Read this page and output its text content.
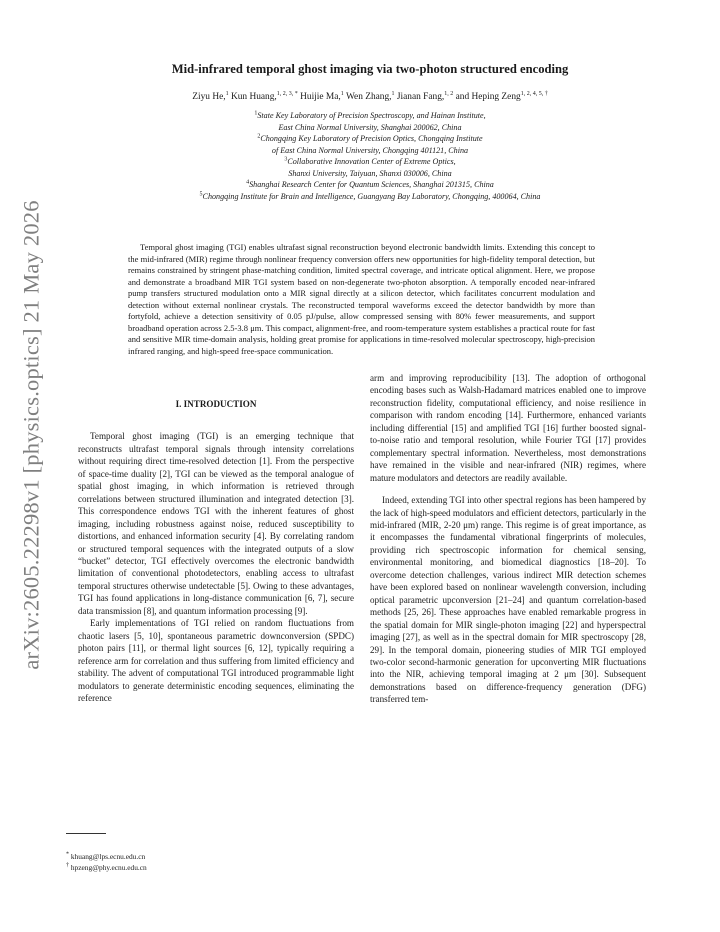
arXiv:2605.22298v1 [physics.optics] 21 May 2026
Mid-infrared temporal ghost imaging via two-photon structured encoding
Ziyu He,$^1$ Kun Huang,$^{1, 2, 3, *}$ Huijie Ma,$^1$ Wen Zhang,$^1$ Jianan Fang,$^{1, 2}$ and Heping Zeng$^{1, 2, 4, 5, \dagger}$
$^1$State Key Laboratory of Precision Spectroscopy, and Hainan Institute,
East China Normal University, Shanghai 200062, China
$^2$Chongqing Key Laboratory of Precision Optics, Chongqing Institute
of East China Normal University, Chongqing 401121, China
$^3$Collaborative Innovation Center of Extreme Optics,
Shanxi University, Taiyuan, Shanxi 030006, China
$^4$Shanghai Research Center for Quantum Sciences, Shanghai 201315, China
$^5$Chongqing Institute for Brain and Intelligence, Guangyang Bay Laboratory, Chongqing, 400064, China

Temporal ghost imaging (TGI) enables ultrafast signal reconstruction beyond electronic bandwidth limits. Extending this concept to the mid-infrared (MIR) regime through nonlinear frequency conversion offers new opportunities for high-fidelity temporal detection, but remains constrained by stringent phase-matching condition, limited spectral coverage, and intricate optical alignment. Here, we propose and demonstrate a broadband MIR TGI system based on non-degenerate two-photon absorption. A temporally encoded near-infrared pump transfers structured modulation onto a MIR signal directly at a silicon detector, which facilitates concurrent modulation and detection without external nonlinear crystals. The reconstructed temporal waveforms exceed the detector bandwidth by more than fortyfold, achieve a detection sensitivity of 0.05 pJ/pulse, allow compressed sensing with 80% fewer measurements, and support broadband operation across 2.5-3.8 μm. This compact, alignment-free, and room-temperature system establishes a practical route for fast and sensitive MIR time-domain analysis, holding great promise for applications in time-resolved molecular spectroscopy, high-precision infrared ranging, and high-speed free-space communication.

I. INTRODUCTION

Temporal ghost imaging (TGI) is an emerging technique that reconstructs ultrafast temporal signals through intensity correlations without requiring direct time-resolved detection [1]. From the perspective of space-time duality [2], TGI can be viewed as the temporal analogue of spatial ghost imaging, in which information is retrieved through correlations between structured illumination and integrated detection [3]. This correspondence endows TGI with the inherent features of ghost imaging, including robustness against noise, reduced susceptibility to distortions, and enhanced information security [4]. By correlating random or structured temporal sequences with the integrated outputs of a slow “bucket” detector, TGI effectively overcomes the electronic bandwidth limitation of conventional photodetectors, enabling access to ultrafast temporal structures otherwise undetectable [5]. Owing to these advantages, TGI has found applications in long-distance communication [6, 7], secure data transmission [8], and quantum information processing [9].

Early implementations of TGI relied on random fluctuations from chaotic lasers [5, 10], spontaneous parametric downconversion (SPDC) photon pairs [11], or thermal light sources [6, 12], typically requiring a reference arm for correlation and thus suffering from limited efficiency and stability. The advent of computational TGI introduced programmable light modulators to generate deterministic encoding sequences, eliminating the reference

arm and improving reproducibility [13]. The adoption of orthogonal encoding bases such as Walsh-Hadamard matrices enabled one to improve reconstruction fidelity, computational efficiency, and noise resilience in comparison with random encoding [14]. Furthermore, enhanced variants including differential [15] and amplified TGI [16] further boosted signal-to-noise ratio and temporal resolution, while Fourier TGI [17] provides complementary spectral information. Nevertheless, most demonstrations have remained in the visible and near-infrared (NIR) regimes, where mature modulators and detectors are readily available.

Indeed, extending TGI into other spectral regions has been hampered by the lack of high-speed modulators and efficient detectors, particularly in the mid-infrared (MIR, 2-20 μm) range. This regime is of great importance, as it encompasses the fundamental vibrational fingerprints of molecules, providing rich spectroscopic information for chemical sensing, environmental monitoring, and biomedical diagnostics [18–20]. To overcome detection challenges, various indirect MIR detection schemes have been explored based on nonlinear wavelength conversion, including optical parametric upconversion [21–24] and quantum correlation-based methods [25, 26]. These approaches have enabled remarkable progress in the spatial domain for MIR single-photon imaging [22] and hyperspectral imaging [27], as well as in the spectral domain for MIR spectroscopy [28, 29]. In the temporal domain, pioneering studies of MIR TGI employed two-color second-harmonic generation for upconverting MIR fluctuations into the NIR, achieving temporal imaging at 2 μm [30]. Subsequent demonstrations based on difference-frequency generation (DFG) transferred tem-

* khuang@lps.ecnu.edu.cn
† hpzeng@phy.ecnu.edu.cn
